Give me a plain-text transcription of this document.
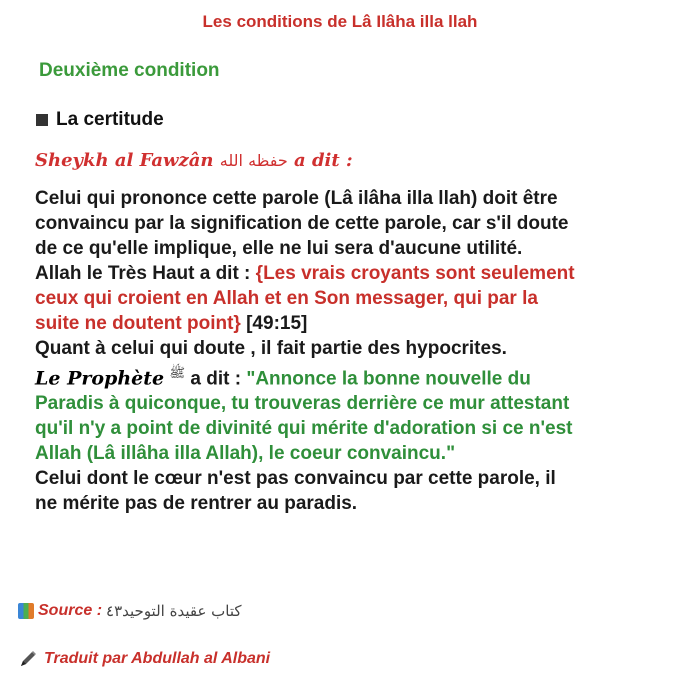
Les conditions de Lâ Ilâha illa llah
Deuxième condition
La certitude
Sheykh al Fawzân حفظه الله a dit :
Celui qui prononce cette parole (Lâ ilâha illa llah) doit être convaincu par la signification de cette parole, car s'il doute de ce qu'elle implique, elle ne lui sera d'aucune utilité.
Allah le Très Haut a dit : {Les vrais croyants sont seulement ceux qui croient en Allah et en Son messager, qui par la suite ne doutent point} [49:15]
Quant à celui qui doute , il fait partie des hypocrites.
Le Prophète $^ﷺ$ a dit : "Annonce la bonne nouvelle du Paradis à quiconque, tu trouveras derrière ce mur attestant qu'il n'y a point de divinité qui mérite d'adoration si ce n'est Allah (Lâ illâha illa Allah), le coeur convaincu."
Celui dont le cœur n'est pas convaincu par cette parole, il ne mérite pas de rentrer au paradis.
Source : كتاب عقيدة التوحيد٤٣
Traduit par Abdullah al Albani
